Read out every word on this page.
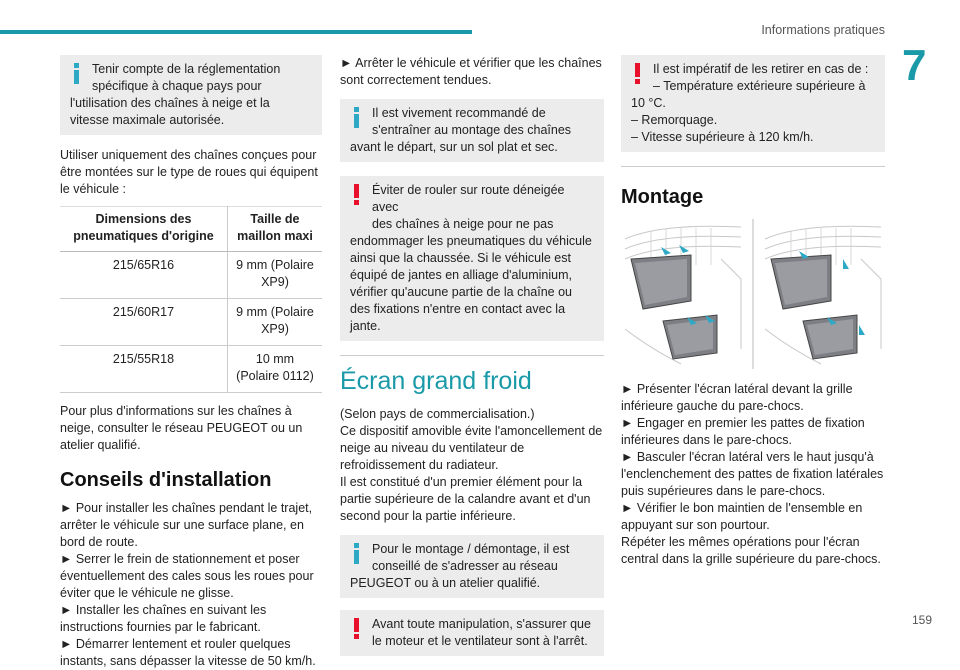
Informations pratiques
7
159
Tenir compte de la réglementation
spécifique à chaque pays pour l'utilisation des chaînes à neige et la vitesse maximale autorisée.

Utiliser uniquement des chaînes conçues pour être montées sur le type de roues qui équipent le véhicule :

Dimensions des pneumatiques d'origine	Taille de maillon maxi
215/65R16	9 mm (Polaire XP9)
215/60R17	9 mm (Polaire XP9)
215/55R18	10 mm
(Polaire 0112)

Pour plus d'informations sur les chaînes à neige, consulter le réseau PEUGEOT ou un atelier qualifié.

Conseils d'installation

► Pour installer les chaînes pendant le trajet, arrêter le véhicule sur une surface plane, en bord de route.

► Serrer le frein de stationnement et poser éventuellement des cales sous les roues pour éviter que le véhicule ne glisse.

► Installer les chaînes en suivant les instructions fournies par le fabricant.

► Démarrer lentement et rouler quelques instants, sans dépasser la vitesse de 50 km/h.

► Arrêter le véhicule et vérifier que les chaînes sont correctement tendues.

Il est vivement recommandé de
s'entraîner au montage des chaînes avant le départ, sur un sol plat et sec.
Éviter de rouler sur route déneigée avec
des chaînes à neige pour ne pas endommager les pneumatiques du véhicule ainsi que la chaussée. Si le véhicule est équipé de jantes en alliage d'aluminium, vérifier qu'aucune partie de la chaîne ou des fixations n'entre en contact avec la jante.
Écran grand froid

(Selon pays de commercialisation.)

Ce dispositif amovible évite l'amoncellement de neige au niveau du ventilateur de refroidissement du radiateur.

Il est constitué d'un premier élément pour la partie supérieure de la calandre avant et d'un second pour la partie inférieure.

Pour le montage / démontage, il est
conseillé de s'adresser au réseau PEUGEOT ou à un atelier qualifié.
Avant toute manipulation, s'assurer que
le moteur et le ventilateur sont à l'arrêt.
Il est impératif de les retirer en cas de :
– Température extérieure supérieure à 10 °C.
– Remorquage.
– Vitesse supérieure à 120 km/h.
Montage

► Présenter l'écran latéral devant la grille inférieure gauche du pare-chocs.

► Engager en premier les pattes de fixation inférieures dans le pare-chocs.

► Basculer l'écran latéral vers le haut jusqu'à l'enclenchement des pattes de fixation latérales puis supérieures dans le pare-chocs.

► Vérifier le bon maintien de l'ensemble en appuyant sur son pourtour.

Répéter les mêmes opérations pour l'écran central dans la grille supérieure du pare-chocs.
